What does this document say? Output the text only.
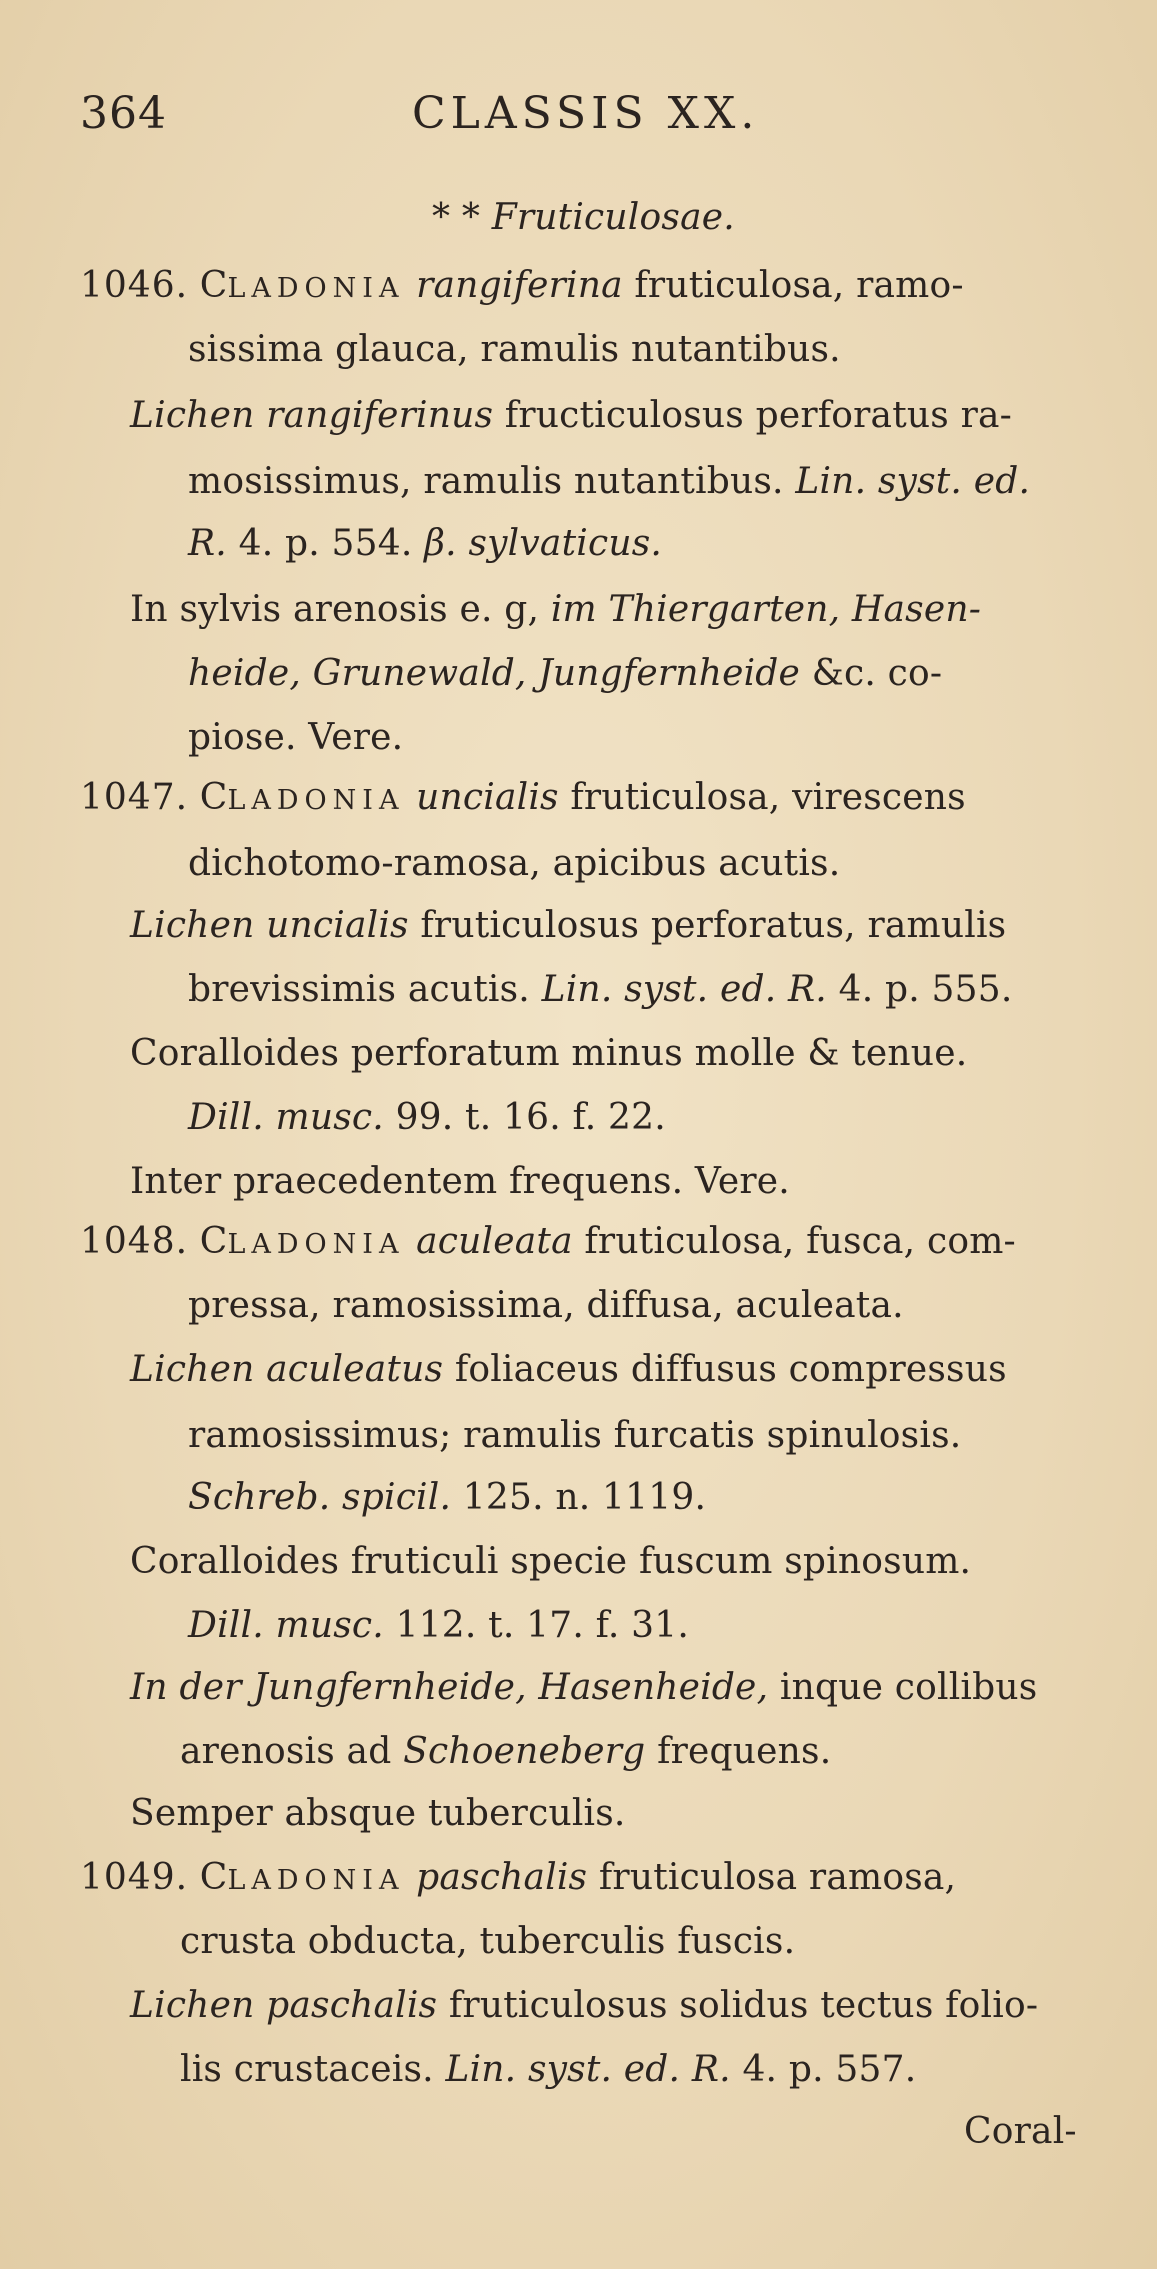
364	CLASSIS XX.
* * Fruticulosae.
1046. CLADONIA rangiferina fruticulosa, ramo-
sissima glauca, ramulis nutantibus.
Lichen rangiferinus fructiculosus perforatus ra-
mosissimus, ramulis nutantibus. Lin. syst. ed.
R. 4. p. 554. β. sylvaticus.
In sylvis arenosis e. g, im Thiergarten, Hasen-
heide, Grunewald, Jungfernheide &c. co-
piose. Vere.
1047. CLADONIA uncialis fruticulosa, virescens
dichotomo-ramosa, apicibus acutis.
Lichen uncialis fruticulosus perforatus, ramulis
brevissimis acutis. Lin. syst. ed. R. 4. p. 555.
Coralloides perforatum minus molle & tenue.
Dill. musc. 99. t. 16. f. 22.
Inter praecedentem frequens. Vere.
1048. CLADONIA aculeata fruticulosa, fusca, com-
pressa, ramosissima, diffusa, aculeata.
Lichen aculeatus foliaceus diffusus compressus
ramosissimus; ramulis furcatis spinulosis.
Schreb. spicil. 125. n. 1119.
Coralloides fruticuli specie fuscum spinosum.
Dill. musc. 112. t. 17. f. 31.
In der Jungfernheide, Hasenheide, inque collibus
arenosis ad Schoeneberg frequens.
Semper absque tuberculis.
1049. CLADONIA paschalis fruticulosa ramosa,
crusta obducta, tuberculis fuscis.
Lichen paschalis fruticulosus solidus tectus folio-
lis crustaceis. Lin. syst. ed. R. 4. p. 557.
Coral-
